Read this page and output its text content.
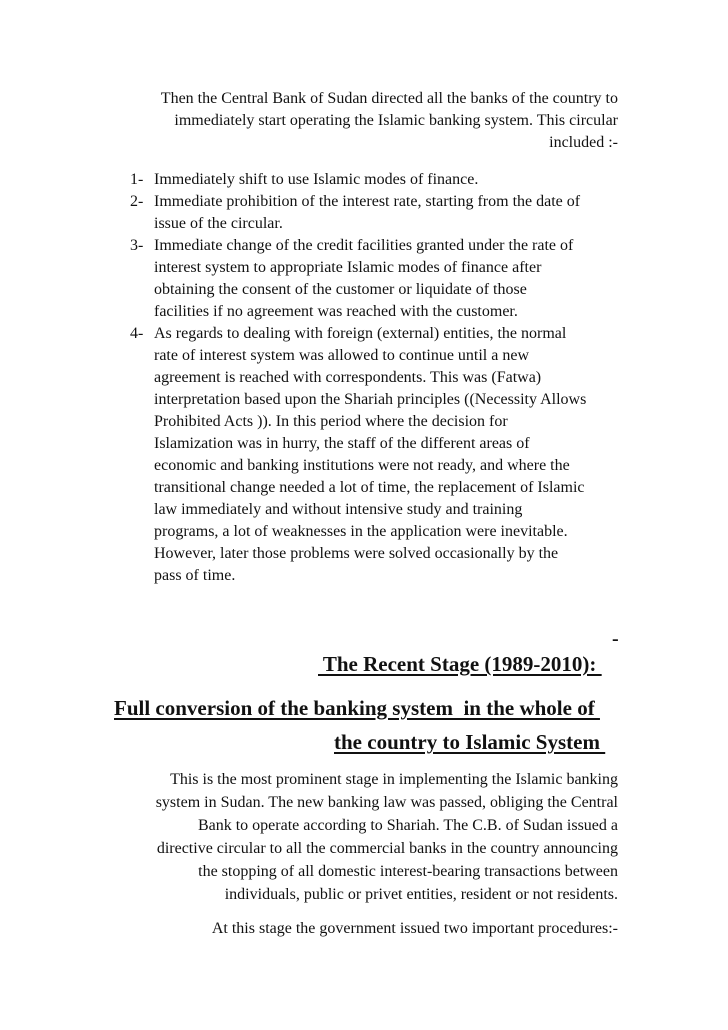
Then the Central Bank of Sudan directed all the banks of the country to
immediately start operating the Islamic banking system. This circular
included :-
1- Immediately shift to use Islamic modes of finance.
2- Immediate prohibition of the interest rate, starting from the date of
issue of the circular.
3- Immediate change of the credit facilities granted under the rate of
interest system to appropriate Islamic modes of finance after
obtaining the consent of the customer or liquidate of those
facilities if no agreement was reached with the customer.
4- As regards to dealing with foreign (external) entities, the normal
rate of interest system was allowed to continue until a new
agreement is reached with correspondents. This was (Fatwa)
interpretation based upon the Shariah principles ((Necessity Allows
Prohibited Acts )). In this period where the decision for
Islamization was in hurry, the staff of the different areas of
economic and banking institutions were not ready, and where the
transitional change needed a lot of time, the replacement of Islamic
law immediately and without intensive study and training
programs, a lot of weaknesses in the application were inevitable.
However, later those problems were solved occasionally by the
pass of time.
-
The Recent Stage (1989-2010):
Full conversion of the banking system  in the whole of
the country to Islamic System
This is the most prominent stage in implementing the Islamic banking
system in Sudan. The new banking law was passed, obliging the Central
Bank to operate according to Shariah. The C.B. of Sudan issued a
directive circular to all the commercial banks in the country announcing
the stopping of all domestic interest-bearing transactions between
individuals, public or privet entities, resident or not residents.
At this stage the government issued two important procedures:-
